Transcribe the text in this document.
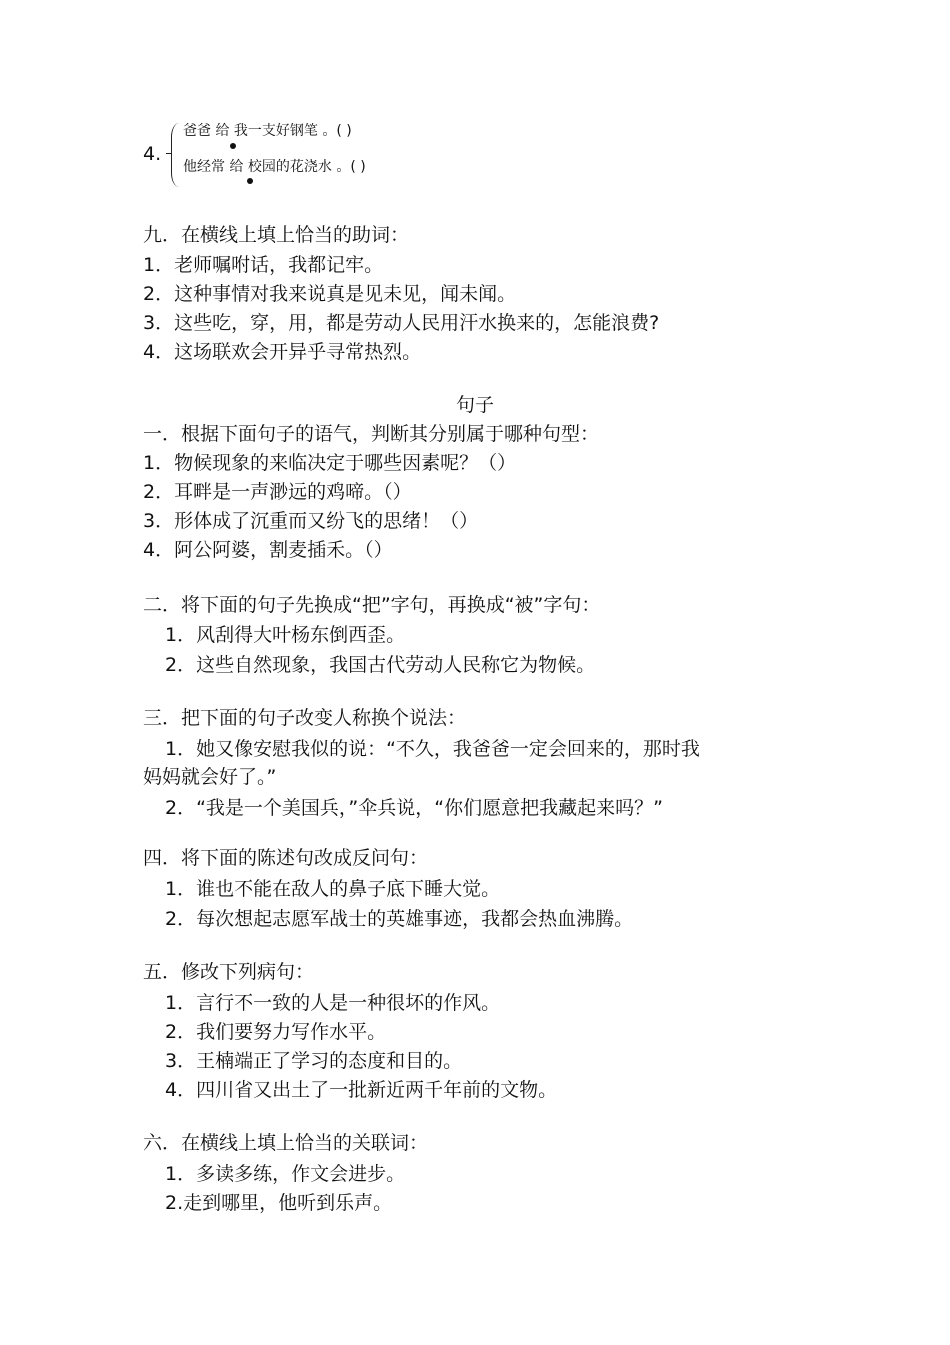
4.
爸爸 给 我一支好钢笔 。( )
他经常 给 校园的花浇水 。( )
九．在横线上填上恰当的助词：
1．老师嘱咐话，我都记牢。
2．这种事情对我来说真是见未见，闻未闻。
3．这些吃，穿，用，都是劳动人民用汗水换来的，怎能浪费?
4．这场联欢会开异乎寻常热烈。
句子
一．根据下面句子的语气，判断其分别属于哪种句型：
1．物候现象的来临决定于哪些因素呢？（）
2．耳畔是一声渺远的鸡啼。（）
3．形体成了沉重而又纷飞的思绪！（）
4．阿公阿婆，割麦插禾。（）
二．将下面的句子先换成“把”字句，再换成“被”字句：
1．风刮得大叶杨东倒西歪。
2．这些自然现象，我国古代劳动人民称它为物候。
三．把下面的句子改变人称换个说法：
1．她又像安慰我似的说：“不久，我爸爸一定会回来的，那时我
妈妈就会好了。”
2．“我是一个美国兵，”伞兵说，“你们愿意把我藏起来吗？”
四．将下面的陈述句改成反问句：
1．谁也不能在敌人的鼻子底下睡大觉。
2．每次想起志愿军战士的英雄事迹，我都会热血沸腾。
五．修改下列病句：
1．言行不一致的人是一种很坏的作风。
2．我们要努力写作水平。
3．王楠端正了学习的态度和目的。
4．四川省又出土了一批新近两千年前的文物。
六．在横线上填上恰当的关联词：
1．多读多练，作文会进步。
2.走到哪里，他听到乐声。
